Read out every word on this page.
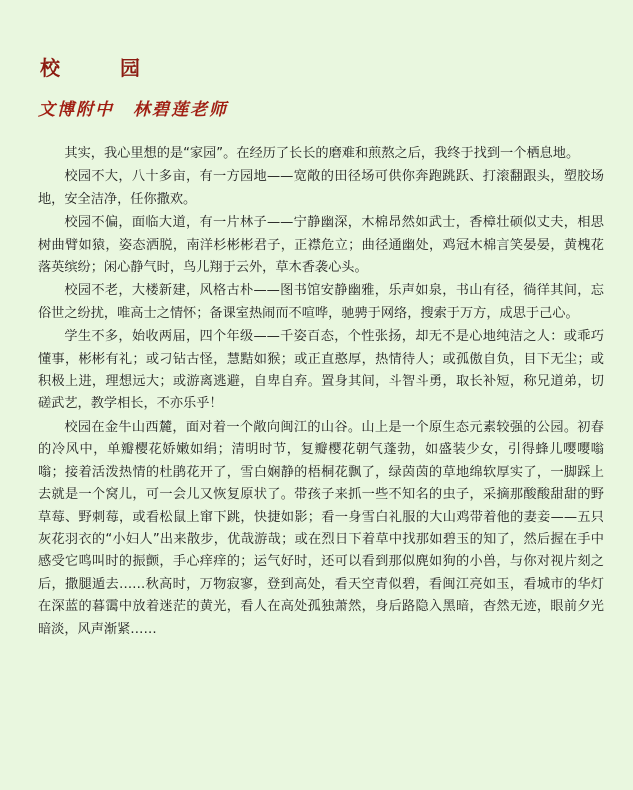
校　园
文博附中　林碧莲老师

其实，我心里想的是“家园”。在经历了长长的磨难和煎熬之后，我终于找到一个栖息地。

校园不大，八十多亩，有一方园地——宽敞的田径场可供你奔跑跳跃、打滚翻跟头，塑胶场地，安全洁净，任你撒欢。

校园不偏，面临大道，有一片林子——宁静幽深，木棉昂然如武士，香樟壮硕似丈夫，相思树曲臂如猿，姿态洒脱，南洋杉彬彬君子，正襟危立；曲径通幽处，鸡冠木棉言笑晏晏，黄槐花落英缤纷；闲心静气时，鸟儿翔于云外，草木香袭心头。

校园不老，大楼新建，风格古朴——图书馆安静幽雅，乐声如泉，书山有径，徜徉其间，忘俗世之纷扰，唯高士之情怀；备课室热闹而不喧哗，驰骋于网络，搜索于万方，成思于己心。

学生不多，始收两届，四个年级——千姿百态，个性张扬，却无不是心地纯洁之人：或乖巧懂事，彬彬有礼；或刁钻古怪，慧黠如猴；或正直憨厚，热情待人；或孤傲自负，目下无尘；或积极上进，理想远大；或游离逃避，自卑自弃。置身其间，斗智斗勇，取长补短，称兄道弟，切磋武艺，教学相长，不亦乐乎！

校园在金牛山西麓，面对着一个敞向闽江的山谷。山上是一个原生态元素较强的公园。初春的冷风中，单瓣樱花娇嫩如绢；清明时节，复瓣樱花朝气蓬勃，如盛装少女，引得蜂儿嘤嘤嗡嗡；接着活泼热情的杜鹃花开了，雪白娴静的梧桐花飘了，绿茵茵的草地绵软厚实了，一脚踩上去就是一个窝儿，可一会儿又恢复原状了。带孩子来抓一些不知名的虫子，采摘那酸酸甜甜的野草莓、野刺莓，或看松鼠上窜下跳，快捷如影；看一身雪白礼服的大山鸡带着他的妻妾——五只灰花羽衣的“小妇人”出来散步，优哉游哉；或在烈日下着草中找那如碧玉的知了，然后握在手中感受它鸣叫时的振颤，手心痒痒的；运气好时，还可以看到那似麂如狗的小兽，与你对视片刻之后，撒腿遁去……秋高时，万物寂寥，登到高处，看天空青似碧，看闽江亮如玉，看城市的华灯在深蓝的暮霭中放着迷茫的黄光，看人在高处孤独萧然，身后路隐入黑暗，杳然无迹，眼前夕光暗淡，风声渐紧……
